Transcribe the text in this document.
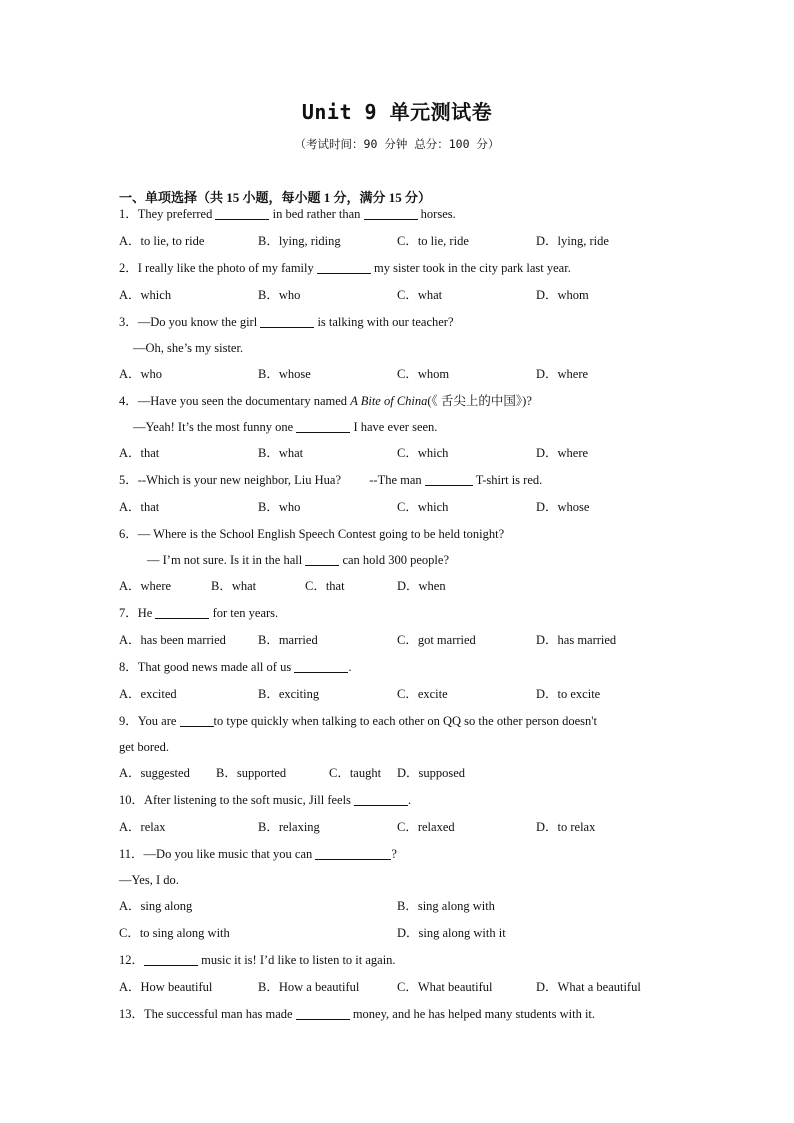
Unit 9 单元测试卷
（考试时间：90 分钟 总分：100 分）
一、单项选择（共 15 小题，每小题 1 分，满分 15 分）
1．They preferred	in bed rather than	horses.
A．to lie, to ride	B．lying, riding	C．to lie, ride	D．lying, ride
2．I really like the photo of my family	my sister took in the city park last year.
A．which	B．who	C．what	D．whom
3．—Do you know the girl	is talking with our teacher?
—Oh, she’s my sister.
A．who	B．whose	C．whom	D．where
4．—Have you seen the documentary named A Bite of China(《 舌尖上的中国》)?
—Yeah! It’s the most funny one	I have ever seen.
A．that	B．what	C．which	D．where
5．--Which is your new neighbor, Liu Hua? --The man	T-shirt is red.
A．that	B．who	C．which	D．whose
6．— Where is the School English Speech Contest going to be held tonight?
— I’m not sure. Is it in the hall	can hold 300 people?
A．where	B．what	C．that	D．when
7．He	for ten years.
A．has been married	B．married	C．got married	D．has married
8．That good news made all of us	.
A．excited	B．exciting	C．excite	D．to excite
9．You are	to type quickly when talking to each other on QQ so the other person doesn't
get bored.
A．suggested B．supported	C．taught D．supposed
10．After listening to the soft music, Jill feels	.
A．relax	B．relaxing	C．relaxed	D．to relax
11．—Do you like music that you can	?
—Yes, I do.
A．sing along	B．sing along with
C．to sing along with	D．sing along with it
12．	music it is! I’d like to listen to it again.
A．How beautiful	B．How a beautiful	C．What beautiful	D．What a beautiful
13．The successful man has made	money, and he has helped many students with it.
